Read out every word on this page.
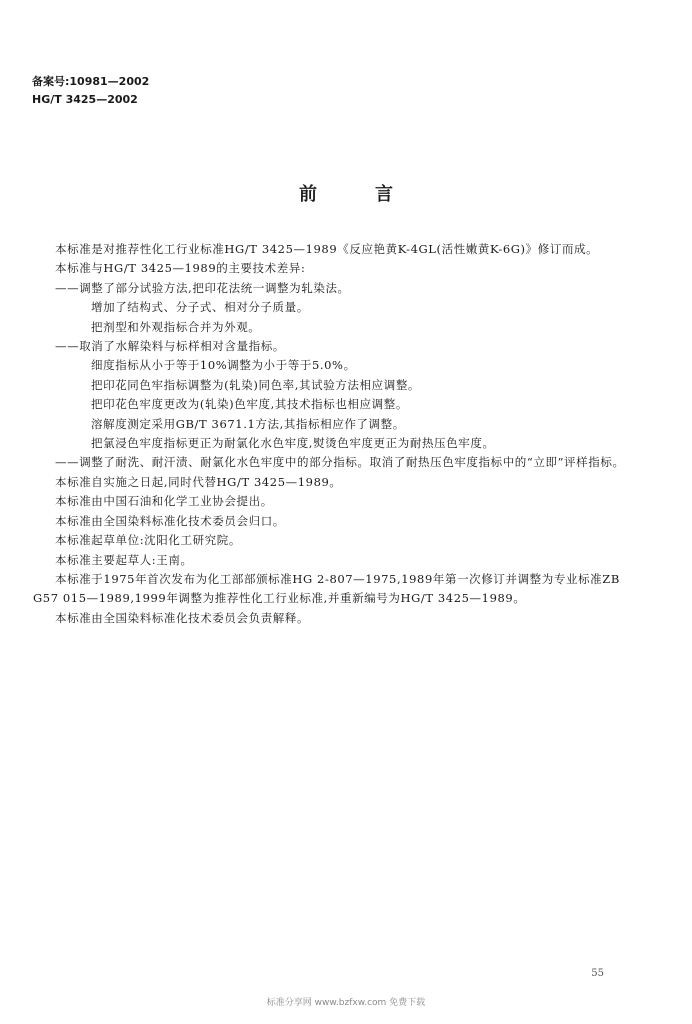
备案号:10981—2002
HG/T 3425—2002
前言

本标准是对推荐性化工行业标准HG/T 3425—1989《反应艳黄K-4GL(活性嫩黄K-6G)》修订而成。

本标准与HG/T 3425—1989的主要技术差异:

——调整了部分试验方法,把印花法统一调整为轧染法。

增加了结构式、分子式、相对分子质量。

把剂型和外观指标合并为外观。

——取消了水解染料与标样相对含量指标。

细度指标从小于等于10%调整为小于等于5.0%。

把印花同色牢指标调整为(轧染)同色率,其试验方法相应调整。

把印花色牢度更改为(轧染)色牢度,其技术指标也相应调整。

溶解度测定采用GB/T 3671.1方法,其指标相应作了调整。

把氯浸色牢度指标更正为耐氯化水色牢度,熨烫色牢度更正为耐热压色牢度。

——调整了耐洗、耐汗渍、耐氯化水色牢度中的部分指标。取消了耐热压色牢度指标中的“立即”评样指标。

本标准自实施之日起,同时代替HG/T 3425—1989。

本标准由中国石油和化学工业协会提出。

本标准由全国染料标准化技术委员会归口。

本标准起草单位:沈阳化工研究院。

本标准主要起草人:王南。

本标准于1975年首次发布为化工部部颁标准HG 2-807—1975,1989年第一次修订并调整为专业标准ZB G57 015—1989,1999年调整为推荐性化工行业标准,并重新编号为HG/T 3425—1989。

本标准由全国染料标准化技术委员会负责解释。

55
标准分享网 www.bzfxw.com 免费下载
